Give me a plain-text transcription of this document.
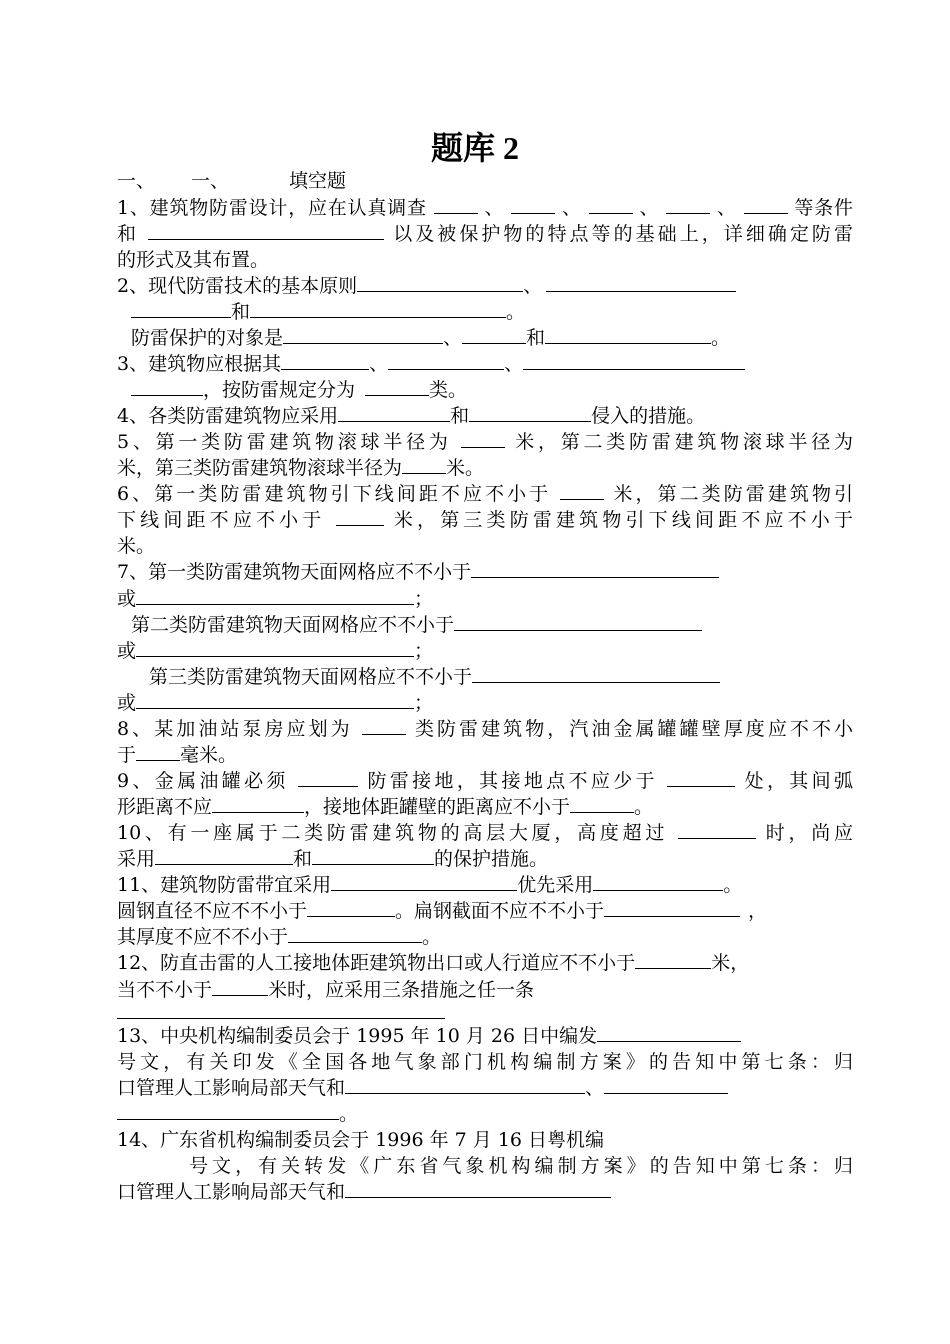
题库 2
一、 一、	填空题
1、建筑物防雷设计，应在认真调查	、	、	、	、	等条件
和	以及被保护物的特点等的基础上，详细确定防雷
的形式及其布置。
2、现代防雷技术的基本原则	、
和	。
防雷保护的对象是	、	和	。
3、建筑物应根据其	、	、
，按防雷规定分为	类。
4、各类防雷建筑物应采用	和	侵入的措施。
5、第一类防雷建筑物滚球半径为	米，第二类防雷建筑物滚球半径为
米，第三类防雷建筑物滚球半径为 米。
6、第一类防雷建筑物引下线间距不应不小于	米，第二类防雷建筑物引
下线间距不应不小于	米，第三类防雷建筑物引下线间距不应不小于
米。
7、第一类防雷建筑物天面网格应不不小于
或	；
第二类防雷建筑物天面网格应不不小于
或	；
第三类防雷建筑物天面网格应不不小于
或	；
8、某加油站泵房应划为	类防雷建筑物，汽油金属罐罐壁厚度应不不小
于 毫米。
9、金属油罐必须	防雷接地，其接地点不应少于	处，其间弧
形距离不应	，接地体距罐壁的距离应不小于	。
10、有一座属于二类防雷建筑物的高层大厦，高度超过	时，尚应
采用	和	的保护措施。
11、建筑物防雷带宜采用	优先采用	。
圆钢直径不应不不小于	。扁钢截面不应不不小于	，
其厚度不应不不小于	。
12、防直击雷的人工接地体距建筑物出口或人行道应不不小于	米，
当不不小于	米时，应采用三条措施之任一条
13、中央机构编制委员会于 1995 年 10 月 26 日中编发
号文，有关印发《全国各地气象部门机构编制方案》的告知中第七条：归
口管理人工影响局部天气和	、
。
14、广东省机构编制委员会于 1996 年 7 月 16 日粤机编
号文，有关转发《广东省气象机构编制方案》的告知中第七条：归
口管理人工影响局部天气和
